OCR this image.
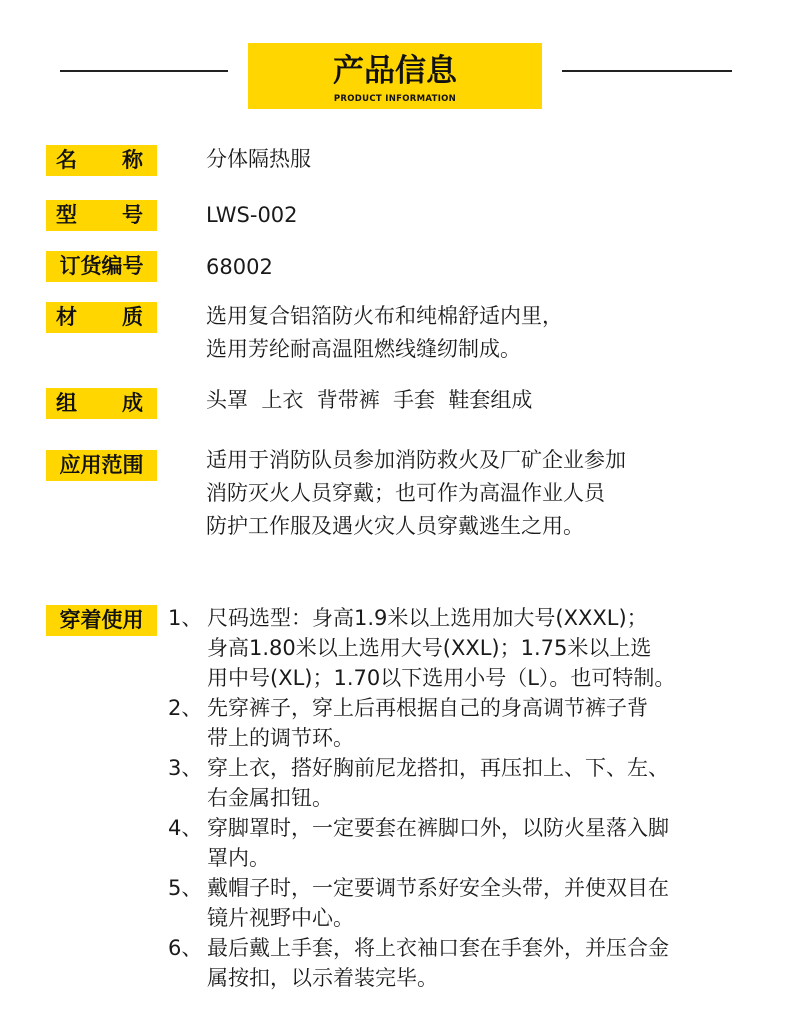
产品信息
PRODUCT INFORMATION
名 称	分体隔热服
型 号	LWS-002
订货编号	68002
材 质	选用复合铝箔防火布和纯棉舒适内里，
选用芳纶耐高温阻燃线缝纫制成。
组 成	头罩  上衣  背带裤  手套  鞋套组成
应用范围	适用于消防队员参加消防救火及厂矿企业参加
消防灭火人员穿戴；也可作为高温作业人员
防护工作服及遇火灾人员穿戴逃生之用。
穿着使用	1、 尺码选型：身高1.9米以上选用加大号(XXXL)；
身高1.80米以上选用大号(XXL)；1.75米以上选
用中号(XL)；1.70以下选用小号（L）。也可特制。
2、 先穿裤子，穿上后再根据自己的身高调节裤子背
带上的调节环。
3、 穿上衣，搭好胸前尼龙搭扣，再压扣上、下、左、
右金属扣钮。
4、 穿脚罩时，一定要套在裤脚口外，以防火星落入脚
罩内。
5、 戴帽子时，一定要调节系好安全头带，并使双目在
镜片视野中心。
6、 最后戴上手套，将上衣袖口套在手套外，并压合金
属按扣，以示着装完毕。
